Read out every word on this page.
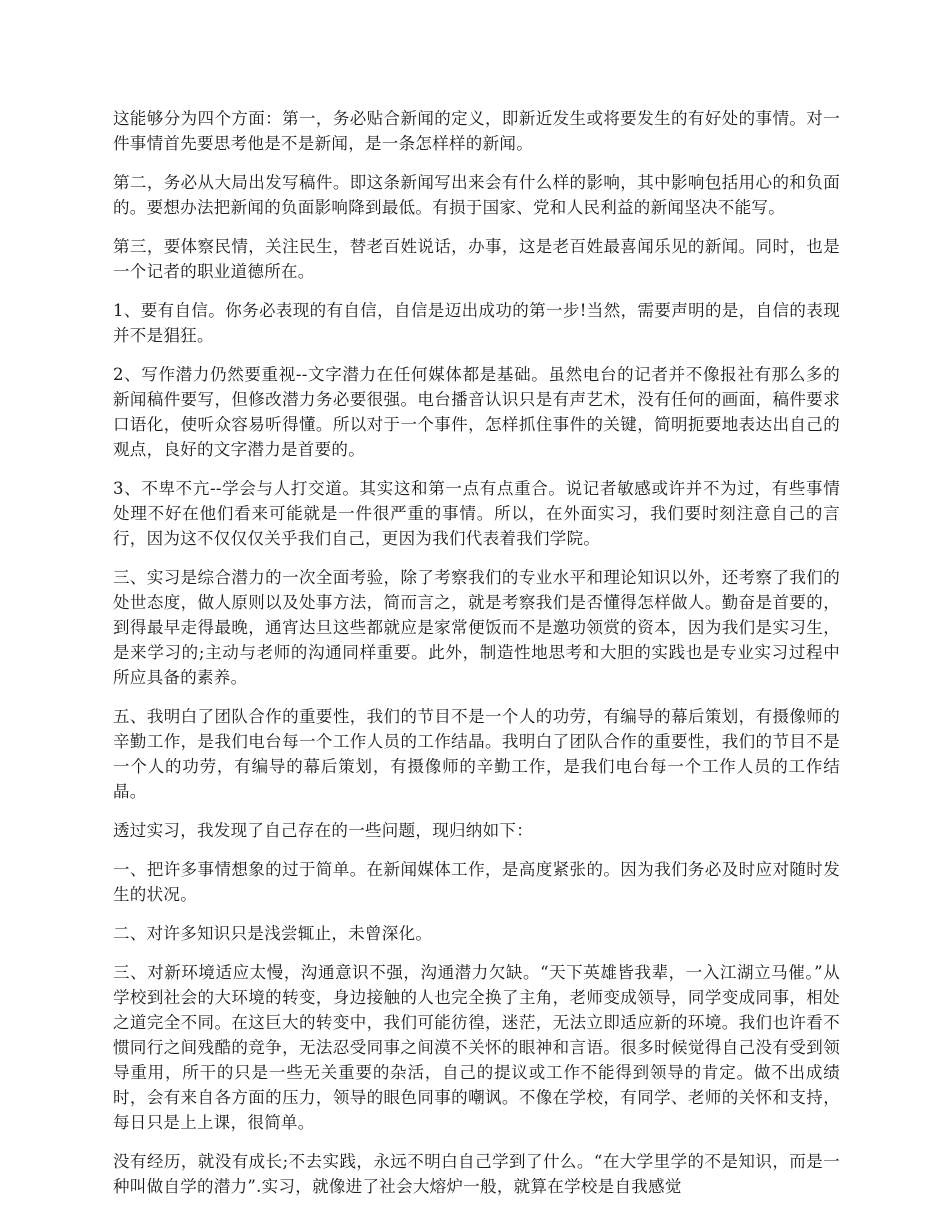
这能够分为四个方面：第一，务必贴合新闻的定义，即新近发生或将要发生的有好处的事情。对一件事情首先要思考他是不是新闻，是一条怎样样的新闻。

第二，务必从大局出发写稿件。即这条新闻写出来会有什么样的影响，其中影响包括用心的和负面的。要想办法把新闻的负面影响降到最低。有损于国家、党和人民利益的新闻坚决不能写。

第三，要体察民情，关注民生，替老百姓说话，办事，这是老百姓最喜闻乐见的新闻。同时，也是一个记者的职业道德所在。

1、要有自信。你务必表现的有自信，自信是迈出成功的第一步!当然，需要声明的是，自信的表现并不是猖狂。

2、写作潜力仍然要重视--文字潜力在任何媒体都是基础。虽然电台的记者并不像报社有那么多的新闻稿件要写，但修改潜力务必要很强。电台播音认识只是有声艺术，没有任何的画面，稿件要求口语化，使听众容易听得懂。所以对于一个事件，怎样抓住事件的关键，简明扼要地表达出自己的观点，良好的文字潜力是首要的。

3、不卑不亢--学会与人打交道。其实这和第一点有点重合。说记者敏感或许并不为过，有些事情处理不好在他们看来可能就是一件很严重的事情。所以，在外面实习，我们要时刻注意自己的言行，因为这不仅仅仅关乎我们自己，更因为我们代表着我们学院。

三、实习是综合潜力的一次全面考验，除了考察我们的专业水平和理论知识以外，还考察了我们的处世态度，做人原则以及处事方法，简而言之，就是考察我们是否懂得怎样做人。勤奋是首要的，到得最早走得最晚，通宵达旦这些都就应是家常便饭而不是邀功领赏的资本，因为我们是实习生，是来学习的;主动与老师的沟通同样重要。此外，制造性地思考和大胆的实践也是专业实习过程中所应具备的素养。

五、我明白了团队合作的重要性，我们的节目不是一个人的功劳，有编导的幕后策划，有摄像师的辛勤工作，是我们电台每一个工作人员的工作结晶。我明白了团队合作的重要性，我们的节目不是一个人的功劳，有编导的幕后策划，有摄像师的辛勤工作，是我们电台每一个工作人员的工作结晶。

透过实习，我发现了自己存在的一些问题，现归纳如下：

一、把许多事情想象的过于简单。在新闻媒体工作，是高度紧张的。因为我们务必及时应对随时发生的状况。

二、对许多知识只是浅尝辄止，未曾深化。

三、对新环境适应太慢，沟通意识不强，沟通潜力欠缺。“天下英雄皆我辈，一入江湖立马催。”从学校到社会的大环境的转变，身边接触的人也完全换了主角，老师变成领导，同学变成同事，相处之道完全不同。在这巨大的转变中，我们可能彷徨，迷茫，无法立即适应新的环境。我们也许看不惯同行之间残酷的竞争，无法忍受同事之间漠不关怀的眼神和言语。很多时候觉得自己没有受到领导重用，所干的只是一些无关重要的杂活，自己的提议或工作不能得到领导的肯定。做不出成绩时，会有来自各方面的压力，领导的眼色同事的嘲讽。不像在学校，有同学、老师的关怀和支持，每日只是上上课，很简单。

没有经历，就没有成长;不去实践，永远不明白自己学到了什么。“在大学里学的不是知识，而是一种叫做自学的潜力”.实习，就像进了社会大熔炉一般，就算在学校是自我感觉
